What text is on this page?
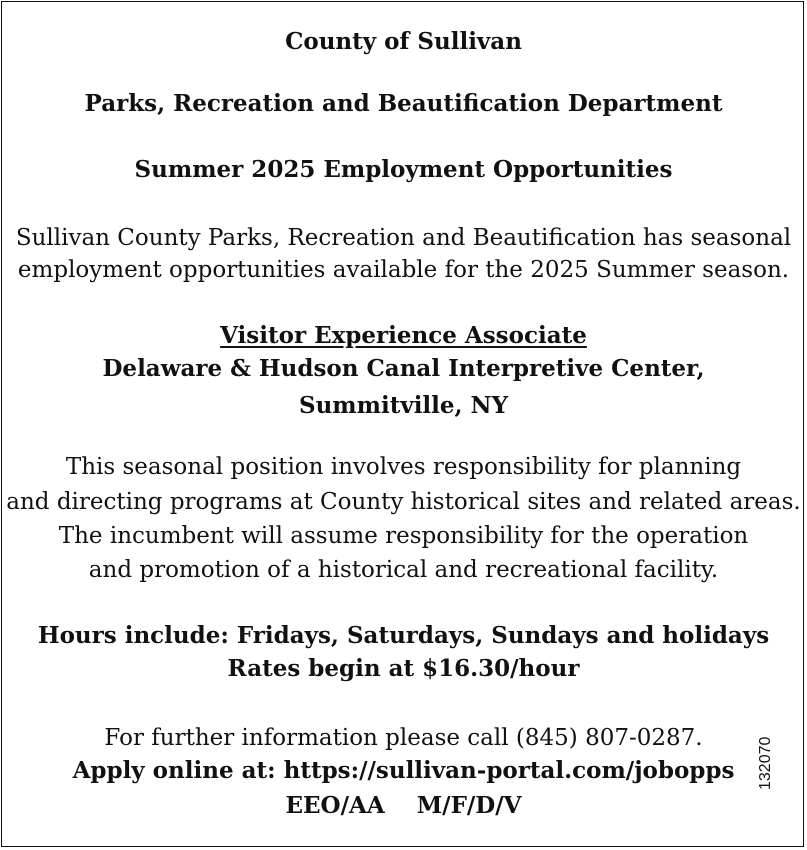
County of Sullivan
Parks, Recreation and Beautification Department
Summer 2025 Employment Opportunities
Sullivan County Parks, Recreation and Beautification has seasonal
employment opportunities available for the 2025 Summer season.
Visitor Experience Associate
Delaware & Hudson Canal Interpretive Center,
Summitville, NY
This seasonal position involves responsibility for planning
and directing programs at County historical sites and related areas.
The incumbent will assume responsibility for the operation
and promotion of a historical and recreational facility.
Hours include: Fridays, Saturdays, Sundays and holidays
Rates begin at $16.30/hour
For further information please call (845) 807-0287.
Apply online at: https://sullivan-portal.com/jobopps
EEO/AA    M/F/D/V
132070
